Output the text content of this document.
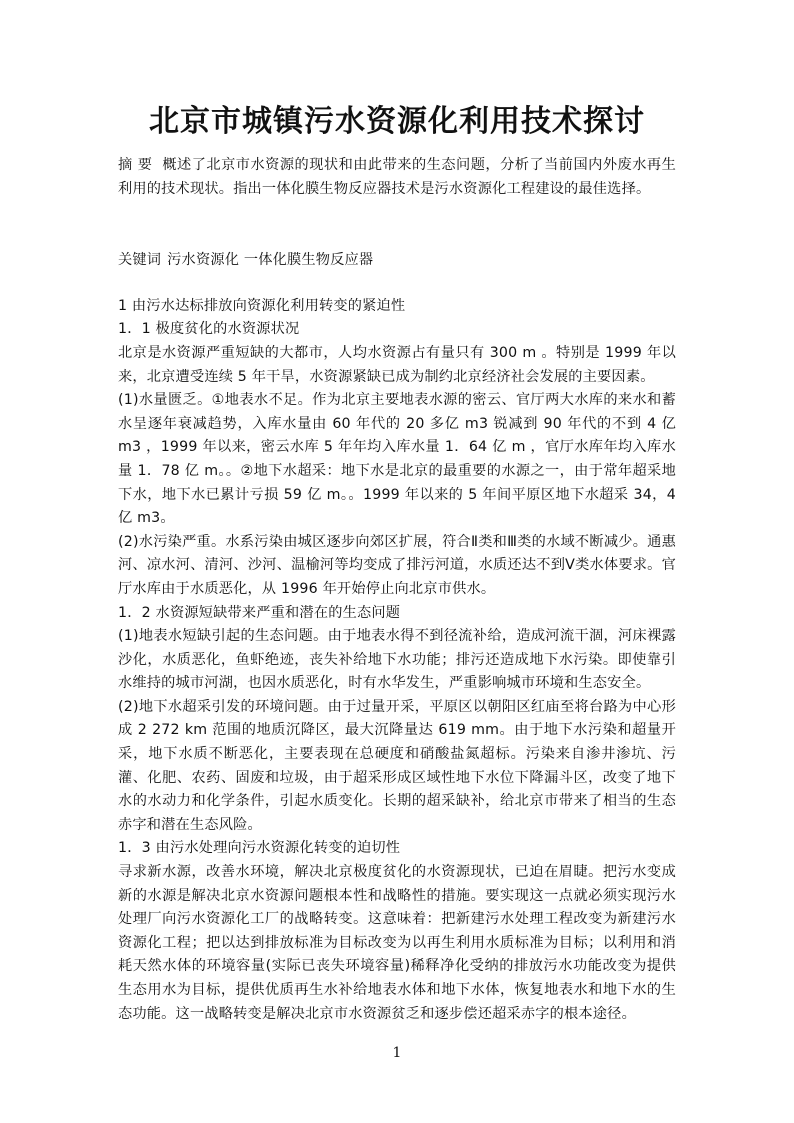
北京市城镇污水资源化利用技术探讨

摘 要 概述了北京市水资源的现状和由此带来的生态问题，分析了当前国内外废水再生利用的技术现状。指出一体化膜生物反应器技术是污水资源化工程建设的最佳选择。

关键词 污水资源化 一体化膜生物反应器

1 由污水达标排放向资源化利用转变的紧迫性

1．1 极度贫化的水资源状况

北京是水资源严重短缺的大都市，人均水资源占有量只有 300 m 。特别是 1999 年以来，北京遭受连续 5 年干旱，水资源紧缺已成为制约北京经济社会发展的主要因素。

(1)水量匮乏。①地表水不足。作为北京主要地表水源的密云、官厅两大水库的来水和蓄水呈逐年衰减趋势，入库水量由 60 年代的 20 多亿 m3 锐减到 90 年代的不到 4 亿 m3 ，1999 年以来，密云水库 5 年年均入库水量 1．64 亿 m ，官厅水库年均入库水量 1．78 亿 m。。②地下水超采：地下水是北京的最重要的水源之一，由于常年超采地下水，地下水已累计亏损 59 亿 m。。1999 年以来的 5 年间平原区地下水超采 34，4 亿 m3。

(2)水污染严重。水系污染由城区逐步向郊区扩展，符合Ⅱ类和Ⅲ类的水域不断减少。通惠河、凉水河、清河、沙河、温榆河等均变成了排污河道，水质还达不到Ⅴ类水体要求。官厅水库由于水质恶化，从 1996 年开始停止向北京市供水。

1．2 水资源短缺带来严重和潜在的生态问题

(1)地表水短缺引起的生态问题。由于地表水得不到径流补给，造成河流干涸，河床裸露沙化，水质恶化，鱼虾绝迹，丧失补给地下水功能；排污还造成地下水污染。即使靠引水维持的城市河湖，也因水质恶化，时有水华发生，严重影响城市环境和生态安全。

(2)地下水超采引发的环境问题。由于过量开采，平原区以朝阳区红庙至将台路为中心形成 2 272 km 范围的地质沉降区，最大沉降量达 619 mm。由于地下水污染和超量开采，地下水质不断恶化，主要表现在总硬度和硝酸盐氮超标。污染来自渗井渗坑、污灌、化肥、农药、固废和垃圾，由于超采形成区域性地下水位下降漏斗区，改变了地下水的水动力和化学条件，引起水质变化。长期的超采缺补，给北京市带来了相当的生态赤字和潜在生态风险。

1．3 由污水处理向污水资源化转变的迫切性

寻求新水源，改善水环境，解决北京极度贫化的水资源现状，已迫在眉睫。把污水变成新的水源是解决北京水资源问题根本性和战略性的措施。要实现这一点就必须实现污水处理厂向污水资源化工厂的战略转变。这意味着：把新建污水处理工程改变为新建污水资源化工程；把以达到排放标准为目标改变为以再生利用水质标准为目标；以利用和消耗天然水体的环境容量(实际已丧失环境容量)稀释净化受纳的排放污水功能改变为提供生态用水为目标，提供优质再生水补给地表水体和地下水体，恢复地表水和地下水的生态功能。这一战略转变是解决北京市水资源贫乏和逐步偿还超采赤字的根本途径。

1
